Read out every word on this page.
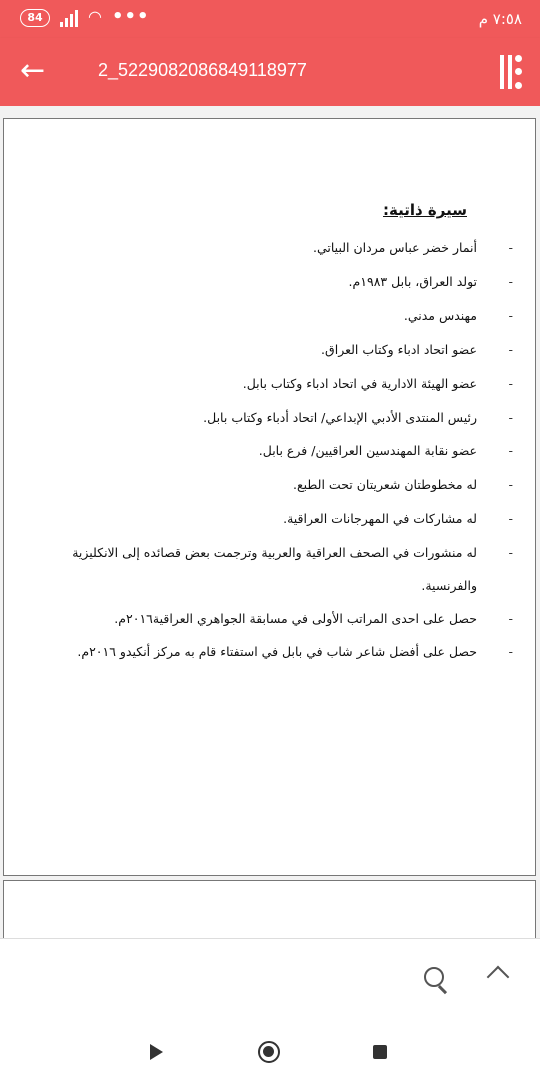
84	◠ •••	٧:٥٨ م
←	2_5229082086849118977
سيرة ذاتية:
- أنمار خضر عباس مردان البياتي.
- تولد العراق، بابل ١٩٨٣م.
- مهندس مدني.
- عضو اتحاد ادباء وكتاب العراق.
- عضو الهيئة الادارية في اتحاد ادباء وكتاب بابل.
- رئيس المنتدى الأدبي الإبداعي/ اتحاد أدباء وكتاب بابل.
- عضو نقابة المهندسين العراقيين/ فرع بابل.
- له مخطوطتان شعريتان تحت الطبع.
- له مشاركات في المهرجانات العراقية.
- له منشورات في الصحف العراقية والعربية وترجمت بعض قصائده إلى الانكليزية والفرنسية.
- حصل على احدى المراتب الأولى في مسابقة الجواهري العراقية٢٠١٦م.
- حصل على أفضل شاعر شاب في بابل في استفتاء قام به مركز أنكيدو ٢٠١٦م.
